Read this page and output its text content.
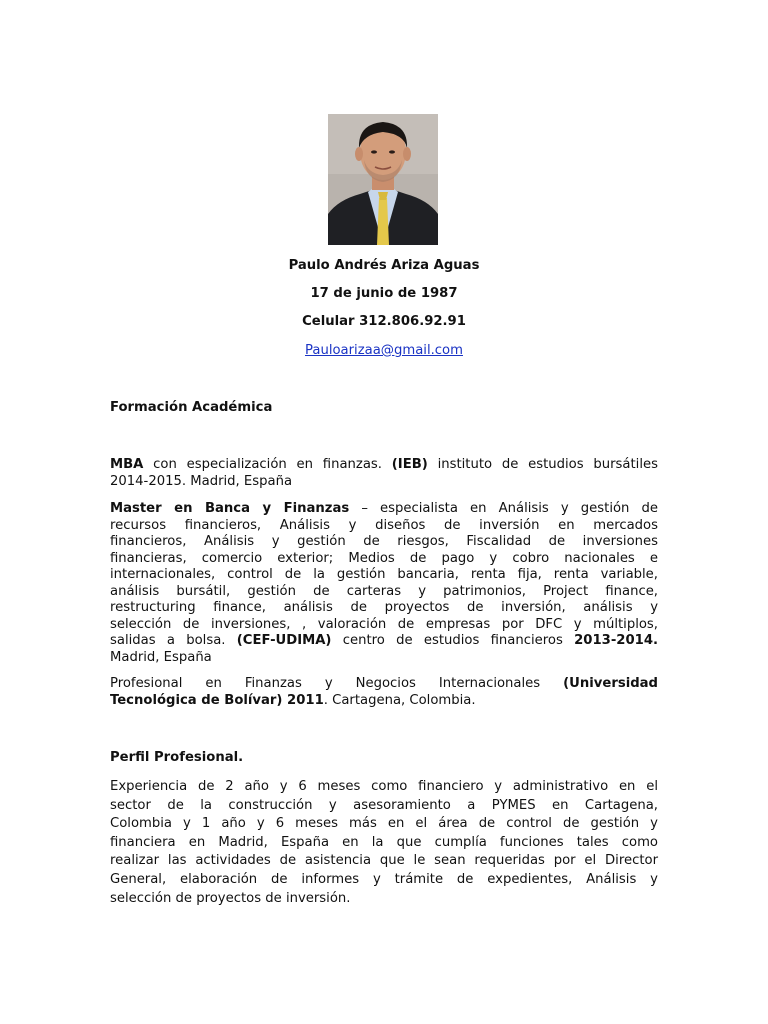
Paulo Andrés Ariza Aguas
17 de junio de 1987
Celular 312.806.92.91
Pauloarizaa@gmail.com
Formación Académica
MBA con especialización en finanzas. (IEB) instituto de estudios bursátiles
2014-2015. Madrid, España
Master en Banca y Finanzas – especialista en Análisis y gestión de
recursos financieros, Análisis y diseños de inversión en mercados
financieros, Análisis y gestión de riesgos, Fiscalidad de inversiones
financieras, comercio exterior; Medios de pago y cobro nacionales e
internacionales, control de la gestión bancaria, renta fija, renta variable,
análisis bursátil, gestión de carteras y patrimonios, Project finance,
restructuring finance, análisis de proyectos de inversión, análisis y
selección de inversiones, , valoración de empresas por DFC y múltiplos,
salidas a bolsa. (CEF-UDIMA) centro de estudios financieros 2013-2014.
Madrid, España
Profesional en Finanzas y Negocios Internacionales (Universidad
Tecnológica de Bolívar) 2011. Cartagena, Colombia.
Perfil Profesional.
Experiencia de 2 año y 6 meses como financiero y administrativo en el
sector de la construcción y asesoramiento a PYMES en Cartagena,
Colombia y 1 año y 6 meses más en el área de control de gestión y
financiera en Madrid, España en la que cumplía funciones tales como
realizar las actividades de asistencia que le sean requeridas por el Director
General, elaboración de informes y trámite de expedientes, Análisis y
selección de proyectos de inversión.
